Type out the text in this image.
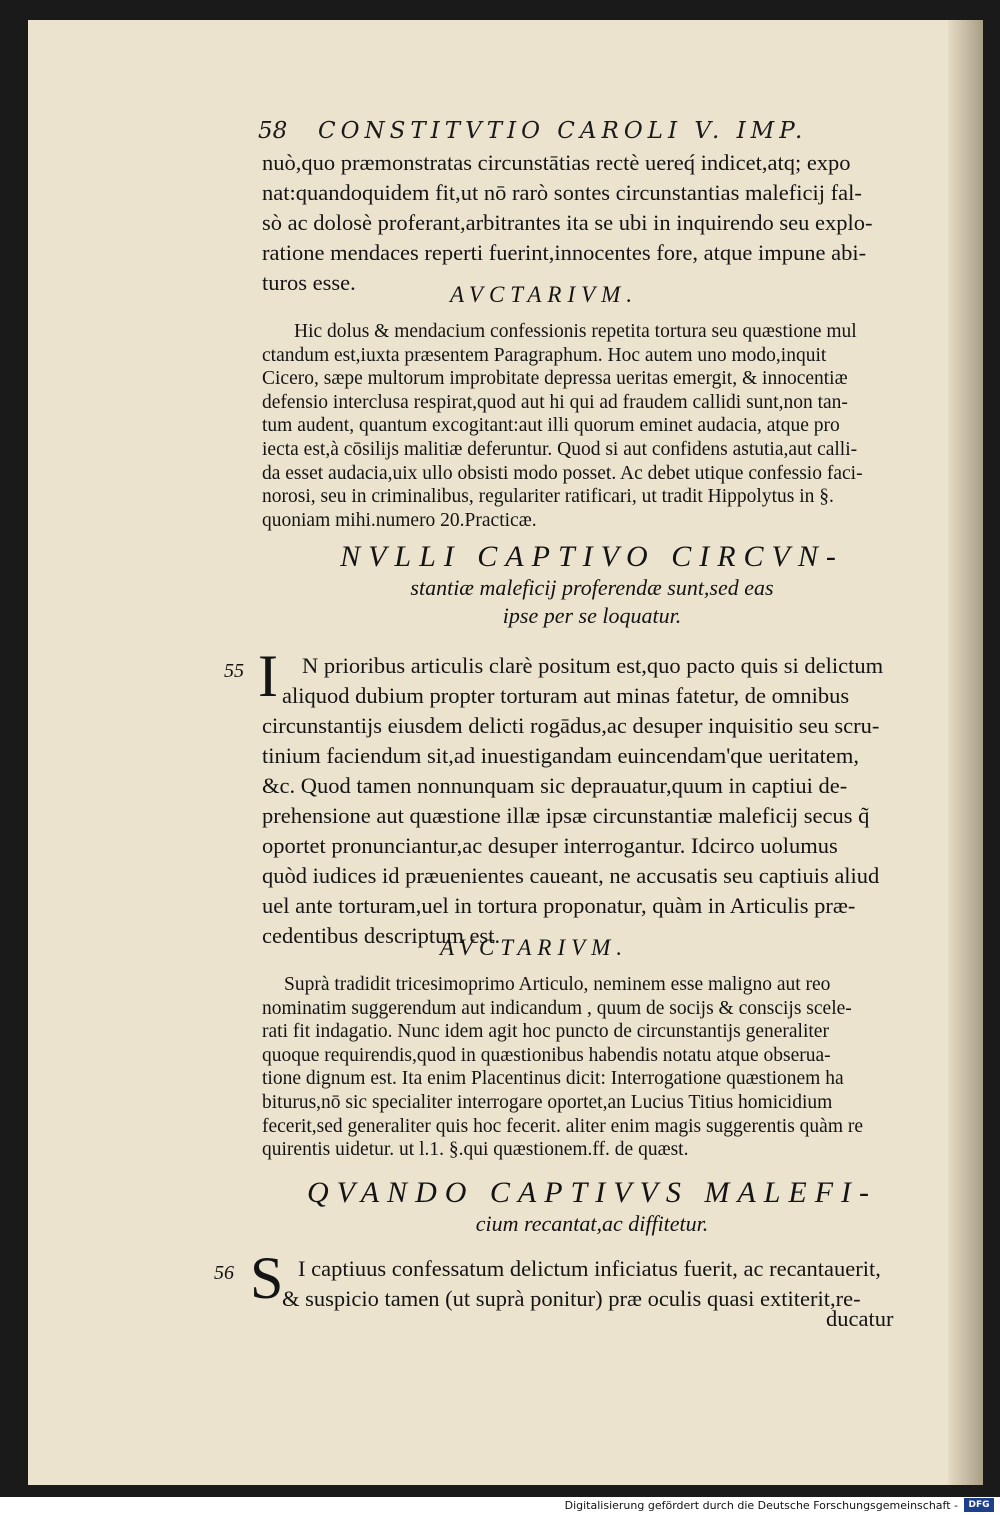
58 CONSTITVTIO CAROLI V. IMP.
nuò,quo præmonstratas circunstātias rectè uereq́ indicet,atq; expo
nat:quandoquidem fit,ut nō rarò sontes circunstantias maleficij fal-
sò ac dolosè proferant,arbitrantes ita se ubi in inquirendo seu explo-
ratione mendaces reperti fuerint,innocentes fore, atque impune abi-
turos esse.	AVCTARIVM.
Hic dolus & mendacium confessionis repetita tortura seu quæstione mul
ctandum est,iuxta præsentem Paragraphum. Hoc autem uno modo,inquit
Cicero, sæpe multorum improbitate depressa ueritas emergit, & innocentiæ
defensio interclusa respirat,quod aut hi qui ad fraudem callidi sunt,non tan-
tum audent, quantum excogitant:aut illi quorum eminet audacia, atque pro
iecta est,à cōsilijs malitiæ deferuntur. Quod si aut confidens astutia,aut calli-
da esset audacia,uix ullo obsisti modo posset. Ac debet utique confessio faci-
norosi, seu in criminalibus, regulariter ratificari, ut tradit Hippolytus in §.
quoniam mihi.numero 20.Practicæ.
NVLLI CAPTIVO CIRCVN-
stantiæ maleficij proferendæ sunt,sed eas
ipse per se loquatur.
55 I	N prioribus articulis clarè positum est,quo pacto quis si delictum
aliquod dubium propter torturam aut minas fatetur, de omnibus
circunstantijs eiusdem delicti rogādus,ac desuper inquisitio seu scru-
tinium faciendum sit,ad inuestigandam euincendam'que ueritatem,
&c. Quod tamen nonnunquam sic deprauatur,quum in captiui de-
prehensione aut quæstione illæ ipsæ circunstantiæ maleficij secus q̃
oportet pronunciantur,ac desuper interrogantur. Idcirco uolumus
quòd iudices id præuenientes caueant, ne accusatis seu captiuis aliud
uel ante torturam,uel in tortura proponatur, quàm in Articulis præ-
cedentibus descriptum est.
AVCTARIVM.
Suprà tradidit tricesimoprimo Articulo, neminem esse maligno aut reo
nominatim suggerendum aut indicandum , quum de socijs & conscijs scele-
rati fit indagatio. Nunc idem agit hoc puncto de circunstantijs generaliter
quoque requirendis,quod in quæstionibus habendis notatu atque obserua-
tione dignum est. Ita enim Placentinus dicit: Interrogatione quæstionem ha
biturus,nō sic specialiter interrogare oportet,an Lucius Titius homicidium
fecerit,sed generaliter quis hoc fecerit. aliter enim magis suggerentis quàm re
quirentis uidetur. ut l.1. §.qui quæstionem.ff. de quæst.
QVANDO CAPTIVVS MALEFI-
cium recantat,ac diffitetur.
56 S I captiuus confessatum delictum inficiatus fuerit, ac recantauerit,
& suspicio tamen (ut suprà ponitur) præ oculis quasi extiterit,re-
ducatur
Digitalisierung gefördert durch die Deutsche Forschungsgemeinschaft -	DFG
